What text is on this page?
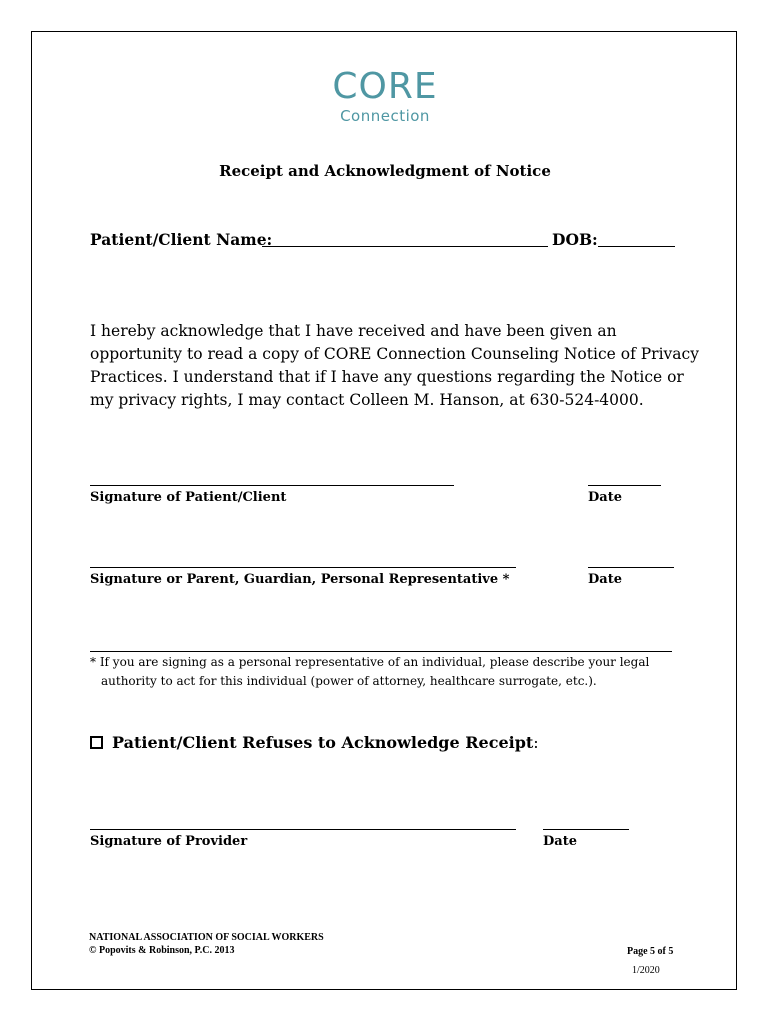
CORE
Connection
Receipt and Acknowledgment of Notice
Patient/Client Name:	DOB:
I hereby acknowledge that I have received and have been given an opportunity to read a copy of CORE Connection Counseling Notice of Privacy Practices. I understand that if I have any questions regarding the Notice or my privacy rights, I may contact Colleen M. Hanson, at 630-524-4000.
Signature of Patient/Client	Date
Signature or Parent, Guardian, Personal Representative *	Date
* If you are signing as a personal representative of an individual, please describe your legal
authority to act for this individual (power of attorney, healthcare surrogate, etc.).
Patient/Client Refuses to Acknowledge Receipt:
Signature of Provider	Date
NATIONAL ASSOCIATION OF SOCIAL WORKERS
© Popovits & Robinson, P.C. 2013	Page 5 of 5
1/2020
